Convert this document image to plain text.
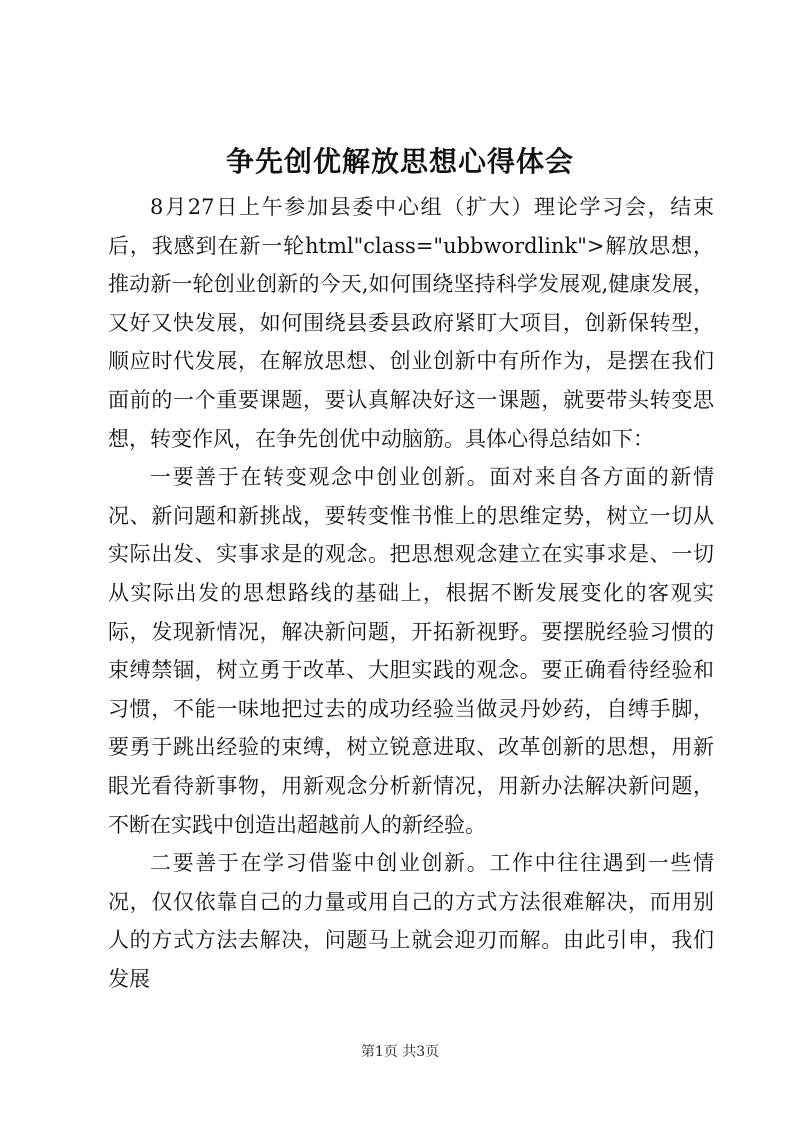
争先创优解放思想心得体会

8月27日上午参加县委中心组（扩大）理论学习会，结束后，我感到在新一轮html"class="ubbwordlink">解放思想，推动新一轮创业创新的今天,如何围绕坚持科学发展观,健康发展，又好又快发展，如何围绕县委县政府紧盯大项目，创新保转型，顺应时代发展，在解放思想、创业创新中有所作为，是摆在我们面前的一个重要课题，要认真解决好这一课题，就要带头转变思想，转变作风，在争先创优中动脑筋。具体心得总结如下：

一要善于在转变观念中创业创新。面对来自各方面的新情况、新问题和新挑战，要转变惟书惟上的思维定势，树立一切从实际出发、实事求是的观念。把思想观念建立在实事求是、一切从实际出发的思想路线的基础上，根据不断发展变化的客观实际，发现新情况，解决新问题，开拓新视野。要摆脱经验习惯的束缚禁锢，树立勇于改革、大胆实践的观念。要正确看待经验和习惯，不能一味地把过去的成功经验当做灵丹妙药，自缚手脚，要勇于跳出经验的束缚，树立锐意进取、改革创新的思想，用新眼光看待新事物，用新观念分析新情况，用新办法解决新问题，不断在实践中创造出超越前人的新经验。

二要善于在学习借鉴中创业创新。工作中往往遇到一些情况，仅仅依靠自己的力量或用自己的方式方法很难解决，而用别人的方式方法去解决，问题马上就会迎刃而解。由此引申，我们发展

第1页 共3页
